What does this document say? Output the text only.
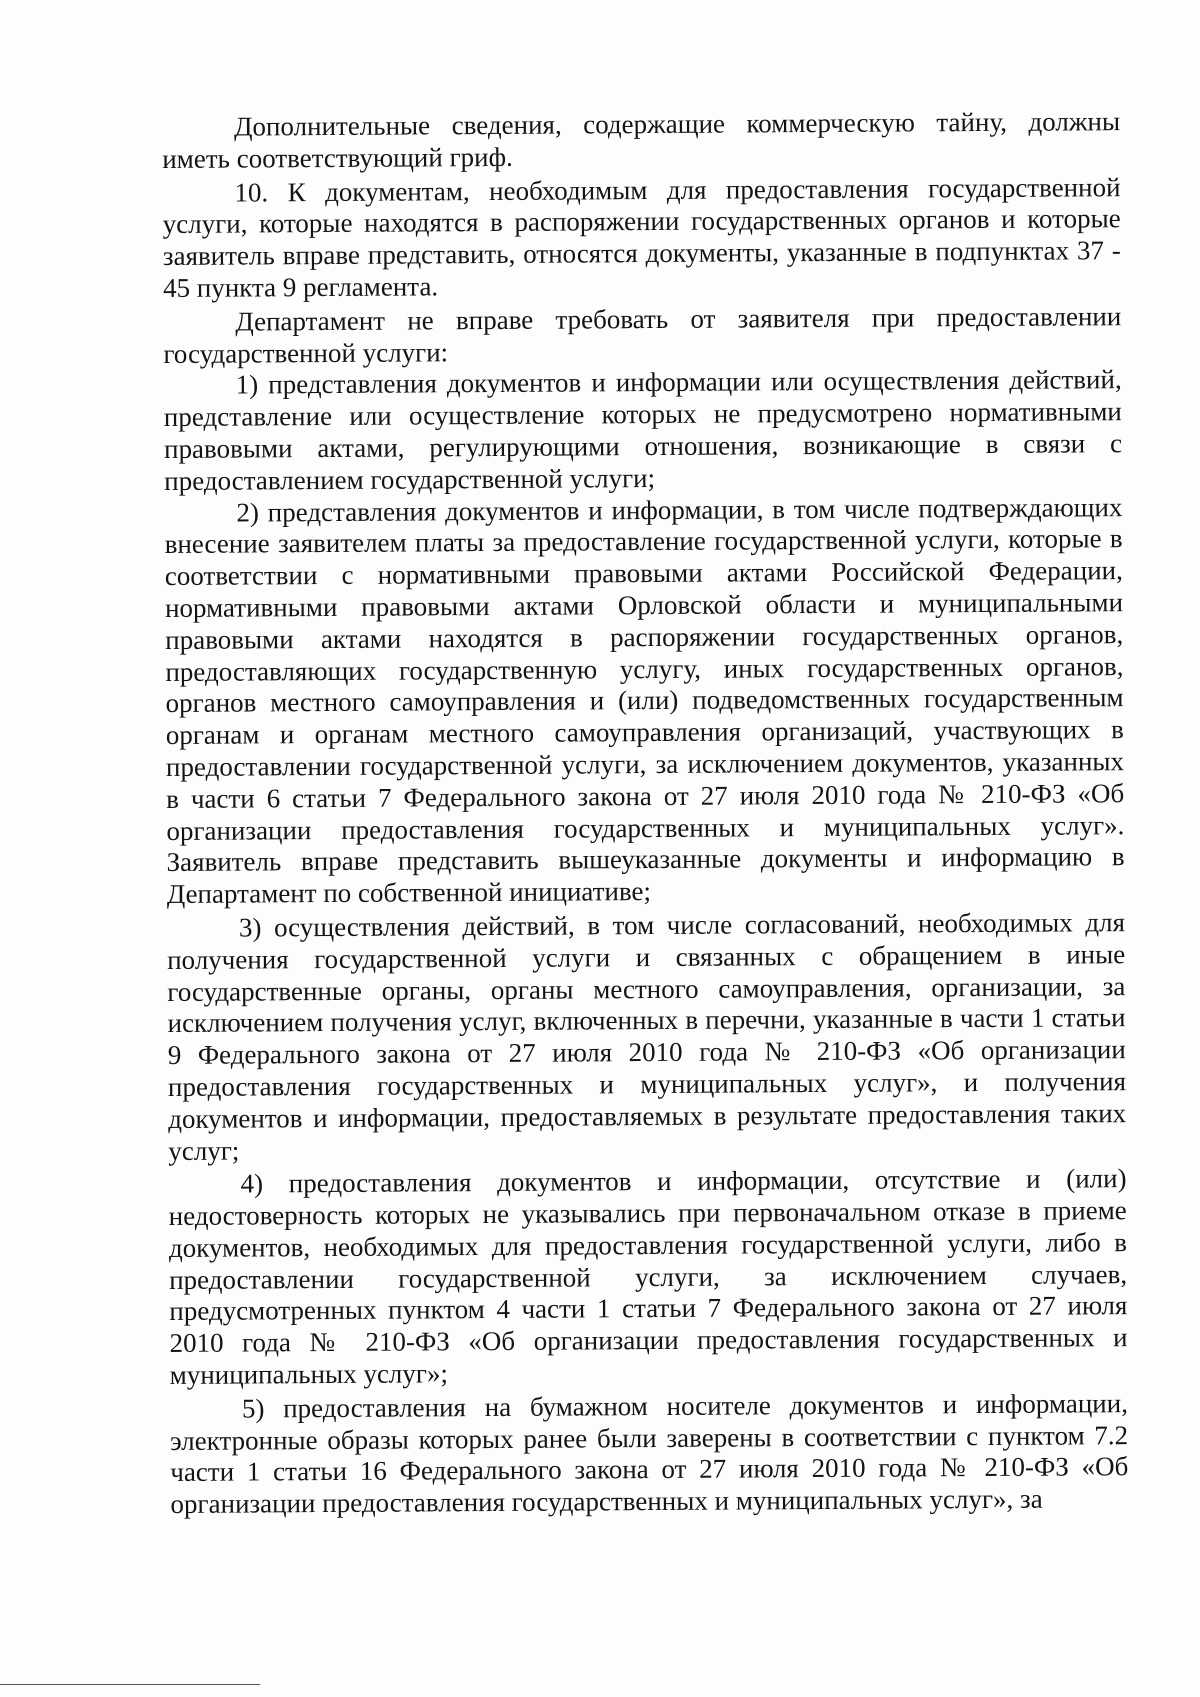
Дополнительные сведения, содержащие коммерческую тайну, должны иметь соответствующий гриф.

10. К документам, необходимым для предоставления государственной услуги, которые находятся в распоряжении государственных органов и которые заявитель вправе представить, относятся документы, указанные в подпунктах 37 - 45 пункта 9 регламента.

Департамент не вправе требовать от заявителя при предоставлении государственной услуги:

1) представления документов и информации или осуществления действий, представление или осуществление которых не предусмотрено нормативными правовыми актами, регулирующими отношения, возникающие в связи с предоставлением государственной услуги;

2) представления документов и информации, в том числе подтверждающих внесение заявителем платы за предоставление государственной услуги, которые в соответствии с нормативными правовыми актами Российской Федерации, нормативными правовыми актами Орловской области и муниципальными правовыми актами находятся в распоряжении государственных органов, предоставляющих государственную услугу, иных государственных органов, органов местного самоуправления и (или) подведомственных государственным органам и органам местного самоуправления организаций, участвующих в предоставлении государственной услуги, за исключением документов, указанных в части 6 статьи 7 Федерального закона от 27 июля 2010 года № 210-ФЗ «Об организации предоставления государственных и муниципальных услуг». Заявитель вправе представить вышеуказанные документы и информацию в Департамент по собственной инициативе;

3) осуществления действий, в том числе согласований, необходимых для получения государственной услуги и связанных с обращением в иные государственные органы, органы местного самоуправления, организации, за исключением получения услуг, включенных в перечни, указанные в части 1 статьи 9 Федерального закона от 27 июля 2010 года № 210-ФЗ «Об организации предоставления государственных и муниципальных услуг», и получения документов и информации, предоставляемых в результате предоставления таких услуг;

4) предоставления документов и информации, отсутствие и (или) недостоверность которых не указывались при первоначальном отказе в приеме документов, необходимых для предоставления государственной услуги, либо в предоставлении государственной услуги, за исключением случаев, предусмотренных пунктом 4 части 1 статьи 7 Федерального закона от 27 июля 2010 года № 210-ФЗ «Об организации предоставления государственных и муниципальных услуг»;

5) предоставления на бумажном носителе документов и информации, электронные образы которых ранее были заверены в соответствии с пунктом 7.2 части 1 статьи 16 Федерального закона от 27 июля 2010 года № 210-ФЗ «Об организации предоставления государственных и муниципальных услуг», за
